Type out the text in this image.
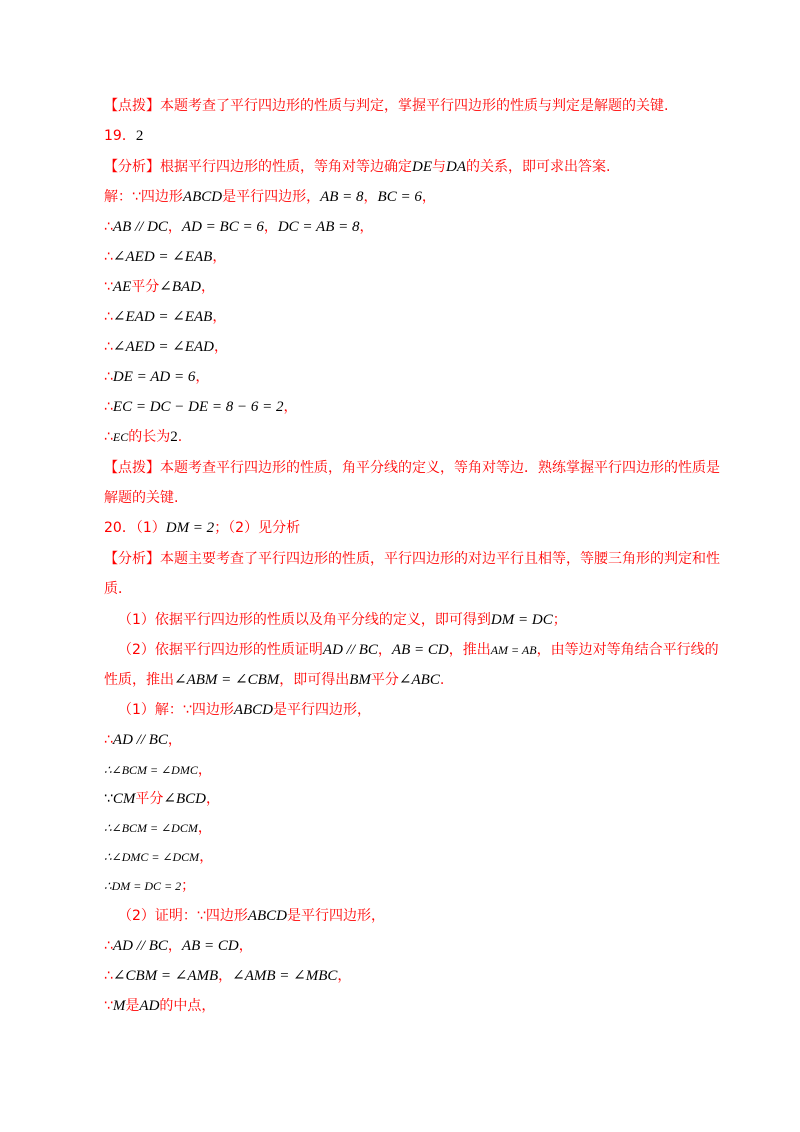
【点拨】本题考查了平行四边形的性质与判定，掌握平行四边形的性质与判定是解题的关键.
19．2
【分析】根据平行四边形的性质，等角对等边确定DE与DA的关系，即可求出答案.
解：∵四边形ABCD是平行四边形，AB = 8，BC = 6，
∴AB // DC，AD = BC = 6，DC = AB = 8，
∴∠AED = ∠EAB，
∵AE平分∠BAD，
∴∠EAD = ∠EAB，
∴∠AED = ∠EAD，
∴DE = AD = 6，
∴EC = DC − DE = 8 − 6 = 2，
∴EC的长为2.
【点拨】本题考查平行四边形的性质，角平分线的定义，等角对等边．熟练掌握平行四边形的性质是
解题的关键.
20．（1）DM = 2；（2）见分析
【分析】本题主要考查了平行四边形的性质，平行四边形的对边平行且相等，等腰三角形的判定和性
质．
（1）依据平行四边形的性质以及角平分线的定义，即可得到DM = DC；
（2）依据平行四边形的性质证明AD // BC，AB = CD，推出AM = AB，由等边对等角结合平行线的
性质，推出∠ABM = ∠CBM，即可得出BM平分∠ABC.
（1）解：∵四边形ABCD是平行四边形，
∴AD // BC，
∴∠BCM = ∠DMC，
∵CM平分∠BCD，
∴∠BCM = ∠DCM，
∴∠DMC = ∠DCM，
∴DM = DC = 2；
（2）证明：∵四边形ABCD是平行四边形，
∴AD // BC，AB = CD，
∴∠CBM = ∠AMB，∠AMB = ∠MBC，
∵M是AD的中点，
